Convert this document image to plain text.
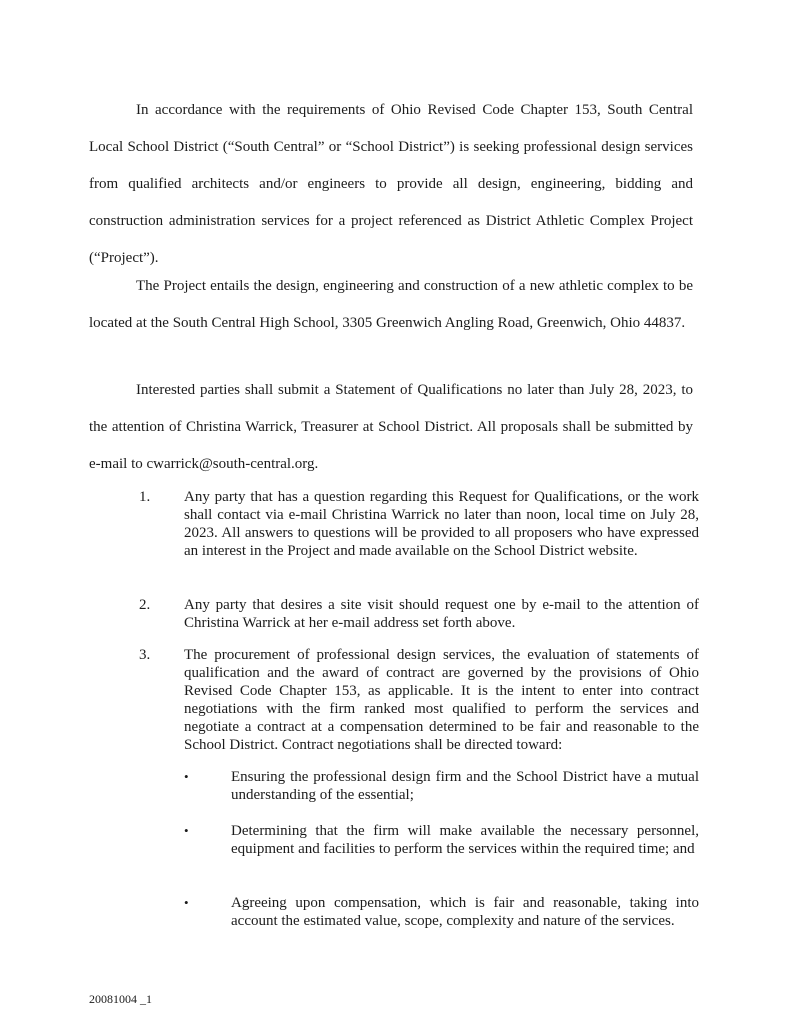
In accordance with the requirements of Ohio Revised Code Chapter 153, South Central Local School District (“South Central” or “School District”) is seeking professional design services from qualified architects and/or engineers to provide all design, engineering, bidding and construction administration services for a project referenced as District Athletic Complex Project (“Project”).

The Project entails the design, engineering and construction of a new athletic complex to be located at the South Central High School, 3305 Greenwich Angling Road, Greenwich, Ohio 44837.

Interested parties shall submit a Statement of Qualifications no later than July 28, 2023, to the attention of Christina Warrick, Treasurer at School District. All proposals shall be submitted by e-mail to cwarrick@south-central.org.

1. Any party that has a question regarding this Request for Qualifications, or the work shall contact via e-mail Christina Warrick no later than noon, local time on July 28, 2023. All answers to questions will be provided to all proposers who have expressed an interest in the Project and made available on the School District website.

2. Any party that desires a site visit should request one by e-mail to the attention of Christina Warrick at her e-mail address set forth above.

3. The procurement of professional design services, the evaluation of statements of qualification and the award of contract are governed by the provisions of Ohio Revised Code Chapter 153, as applicable. It is the intent to enter into contract negotiations with the firm ranked most qualified to perform the services and negotiate a contract at a compensation determined to be fair and reasonable to the School District. Contract negotiations shall be directed toward:

•	Ensuring the professional design firm and the School District have a mutual understanding of the essential;

•	Determining that the firm will make available the necessary personnel, equipment and facilities to perform the services within the required time; and

•	Agreeing upon compensation, which is fair and reasonable, taking into account the estimated value, scope, complexity and nature of the services.

20081004 _1
